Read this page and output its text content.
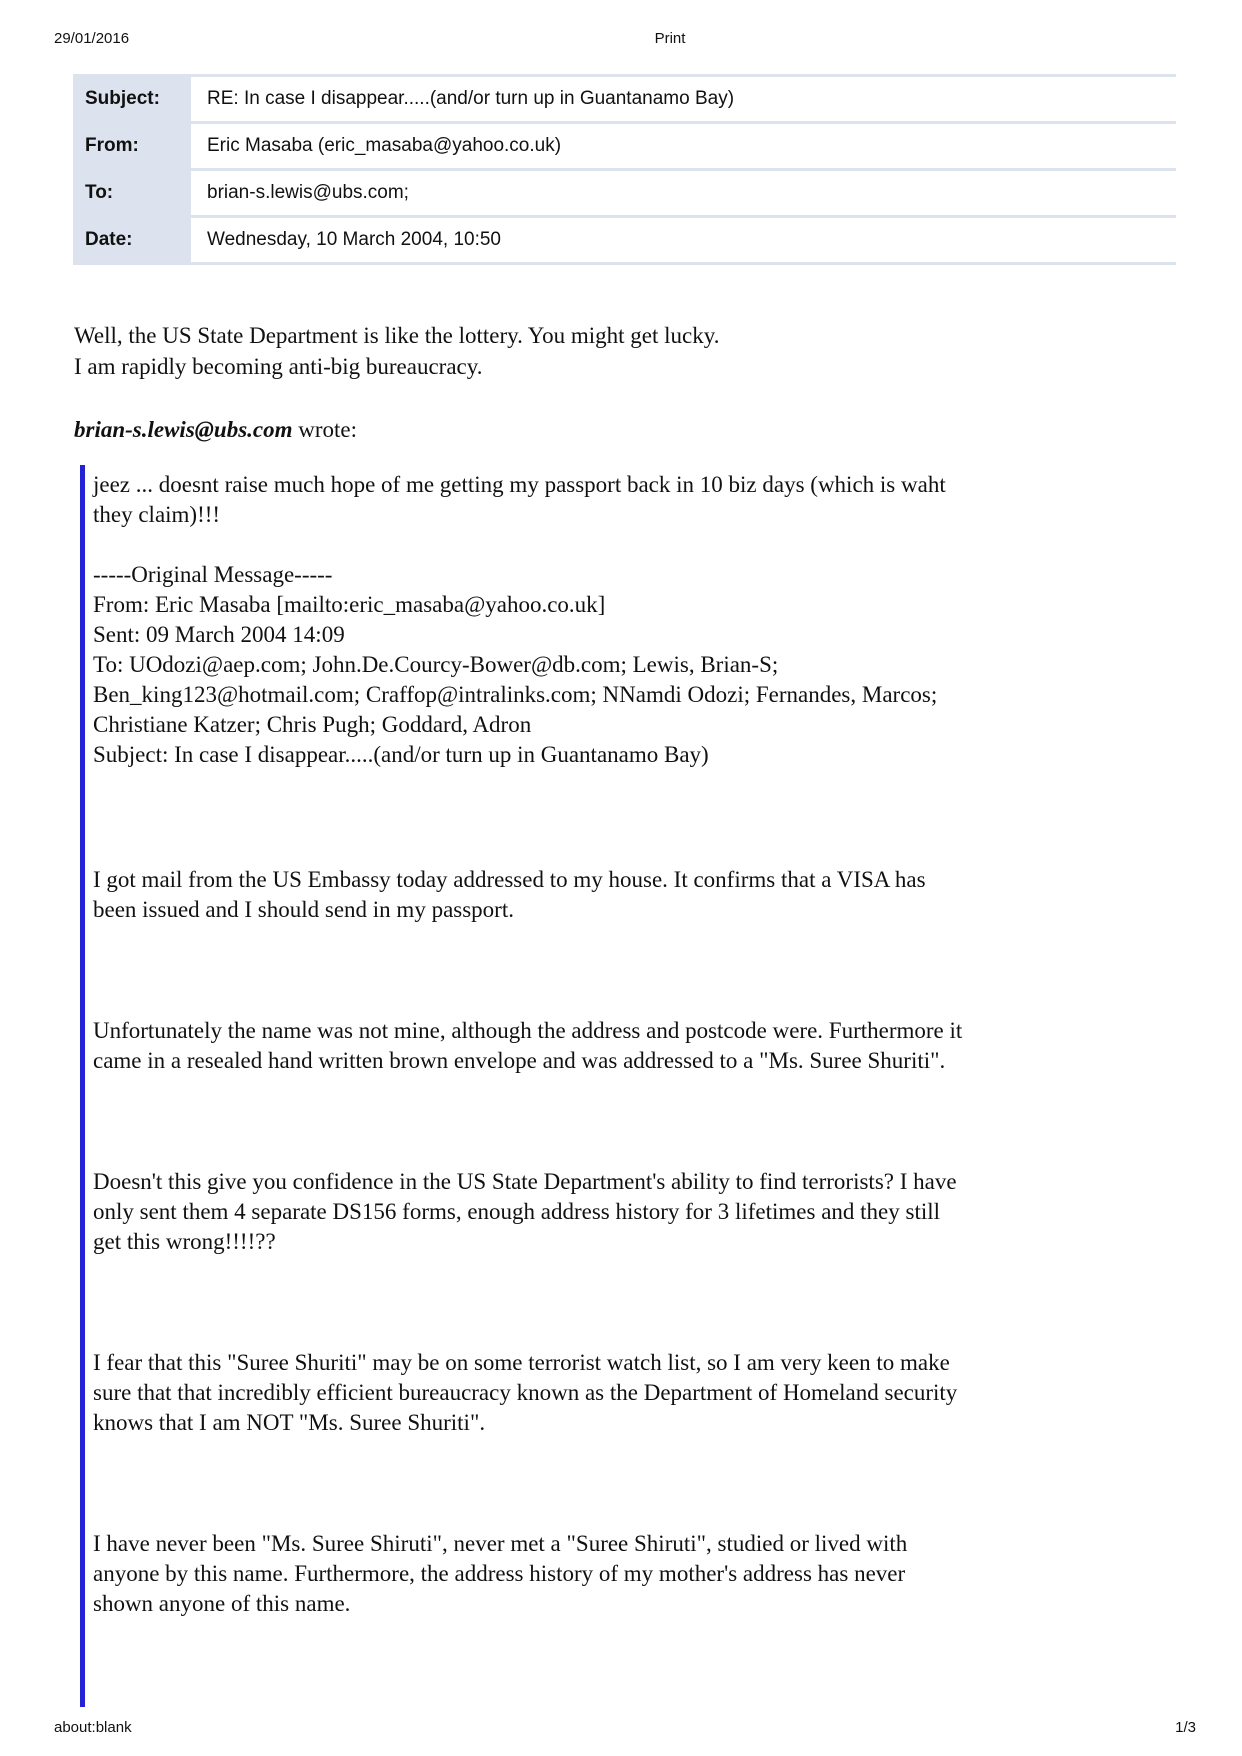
29/01/2016	Print
Subject:	RE: In case I disappear.....(and/or turn up in Guantanamo Bay)
From:	Eric Masaba (eric_masaba@yahoo.co.uk)
To:	brian-s.lewis@ubs.com;
Date:	Wednesday, 10 March 2004, 10:50

Well, the US State Department is like the lottery. You might get lucky.

I am rapidly becoming anti-big bureaucracy.

brian-s.lewis@ubs.com wrote:

jeez ... doesnt raise much hope of me getting my passport back in 10 biz days (which is waht

they claim)!!!

-----Original Message-----

From: Eric Masaba [mailto:eric_masaba@yahoo.co.uk]

Sent: 09 March 2004 14:09

To: UOdozi@aep.com; John.De.Courcy-Bower@db.com; Lewis, Brian-S;

Ben_king123@hotmail.com; Craffop@intralinks.com; NNamdi Odozi; Fernandes, Marcos;

Christiane Katzer; Chris Pugh; Goddard, Adron

Subject: In case I disappear.....(and/or turn up in Guantanamo Bay)

I got mail from the US Embassy today addressed to my house. It confirms that a VISA has

been issued and I should send in my passport.

Unfortunately the name was not mine, although the address and postcode were. Furthermore it

came in a resealed hand written brown envelope and was addressed to a "Ms. Suree Shuriti".

Doesn't this give you confidence in the US State Department's ability to find terrorists? I have

only sent them 4 separate DS156 forms, enough address history for 3 lifetimes and they still

get this wrong!!!!??

I fear that this "Suree Shuriti" may be on some terrorist watch list, so I am very keen to make

sure that that incredibly efficient bureaucracy known as the Department of Homeland security

knows that I am NOT "Ms. Suree Shuriti".

I have never been "Ms. Suree Shiruti", never met a "Suree Shiruti", studied or lived with

anyone by this name. Furthermore, the address history of my mother's address has never

shown anyone of this name.

about:blank	1/3
